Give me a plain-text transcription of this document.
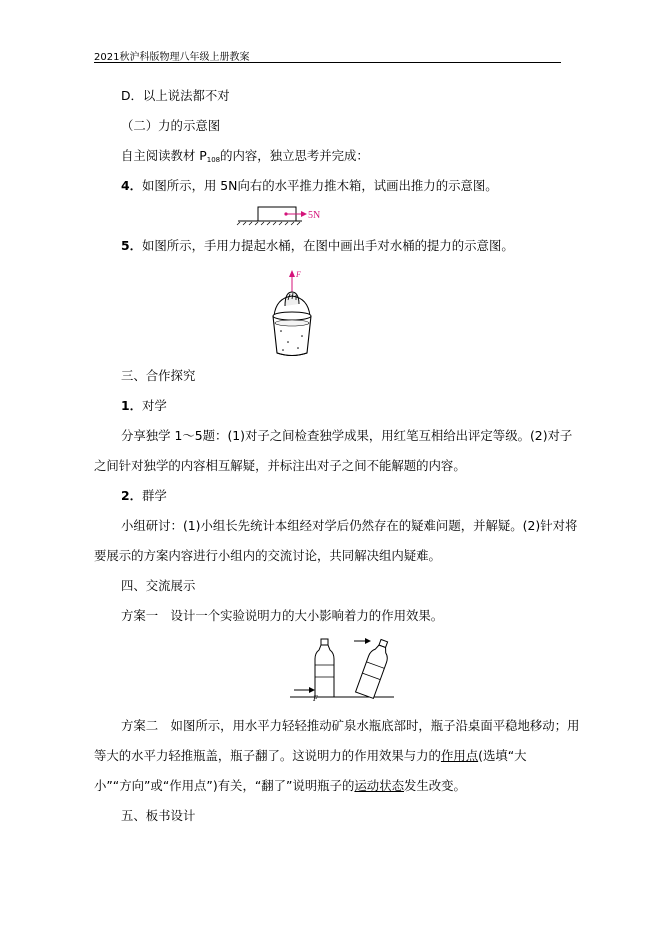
2021秋沪科版物理八年级上册教案
D．以上说法都不对
（二）力的示意图
自主阅读教材 $P_{108}$的内容，独立思考并完成：
4．如图所示，用 5N向右的水平推力推木箱，试画出推力的示意图。
5N
5．如图所示，手用力提起水桶，在图中画出手对水桶的提力的示意图。
F
三、合作探究
1．对学
分享独学 1～5题：(1)对子之间检查独学成果，用红笔互相给出评定等级。(2)对子
之间针对独学的内容相互解疑，并标注出对子之间不能解题的内容。
2．群学
小组研讨：(1)小组长先统计本组经对学后仍然存在的疑难问题，并解疑。(2)针对将
要展示的方案内容进行小组内的交流讨论，共同解决组内疑难。
四、交流展示
方案一　设计一个实验说明力的大小影响着力的作用效果。
F
方案二　如图所示，用水平力轻轻推动矿泉水瓶底部时，瓶子沿桌面平稳地移动；用
等大的水平力轻推瓶盖，瓶子翻了。这说明力的作用效果与力的作用点(选填“大
小”“方向”或“作用点”)有关，“翻了”说明瓶子的运动状态发生改变。
五、板书设计
